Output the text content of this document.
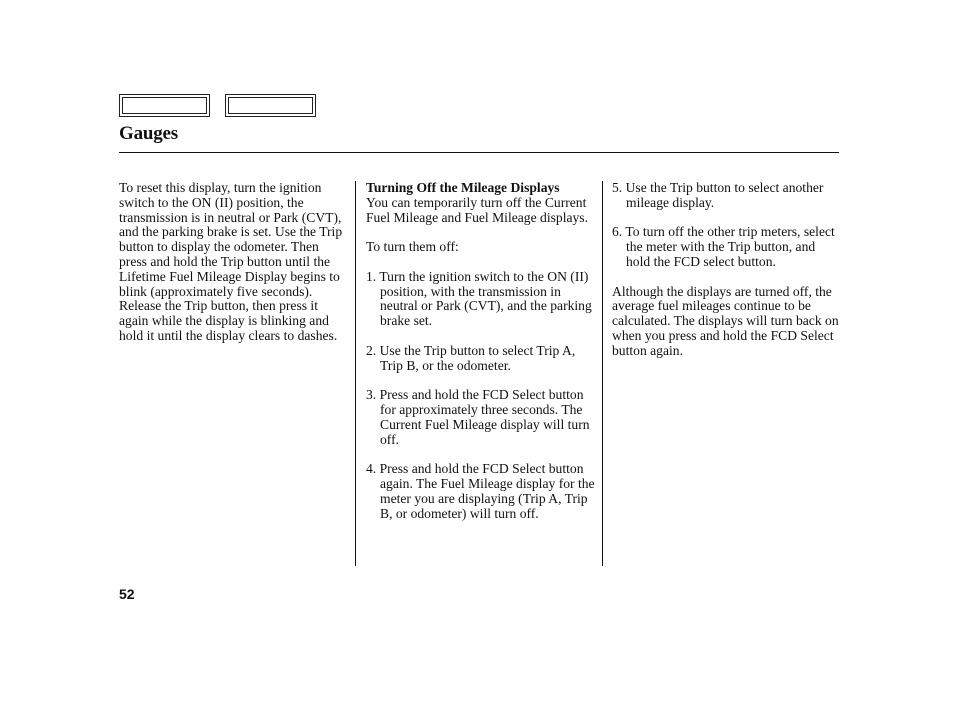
Gauges

To reset this display, turn the ignition switch to the ON (II) position, the transmission is in neutral or Park (CVT), and the parking brake is set. Use the Trip button to display the odometer. Then press and hold the Trip button until the Lifetime Fuel Mileage Display begins to blink (approximately five seconds). Release the Trip button, then press it again while the display is blinking and hold it until the display clears to dashes.

Turning Off the Mileage Displays

You can temporarily turn off the Current Fuel Mileage and Fuel Mileage displays.

To turn them off:

1. Turn the ignition switch to the ON (II) position, with the transmission in neutral or Park (CVT), and the parking brake set.

2. Use the Trip button to select Trip A, Trip B, or the odometer.

3. Press and hold the FCD Select button for approximately three seconds. The Current Fuel Mileage display will turn off.

4. Press and hold the FCD Select button again. The Fuel Mileage display for the meter you are displaying (Trip A, Trip B, or odometer) will turn off.

5. Use the Trip button to select another mileage display.

6. To turn off the other trip meters, select the meter with the Trip button, and hold the FCD select button.

Although the displays are turned off, the average fuel mileages continue to be calculated. The displays will turn back on when you press and hold the FCD Select button again.

52
